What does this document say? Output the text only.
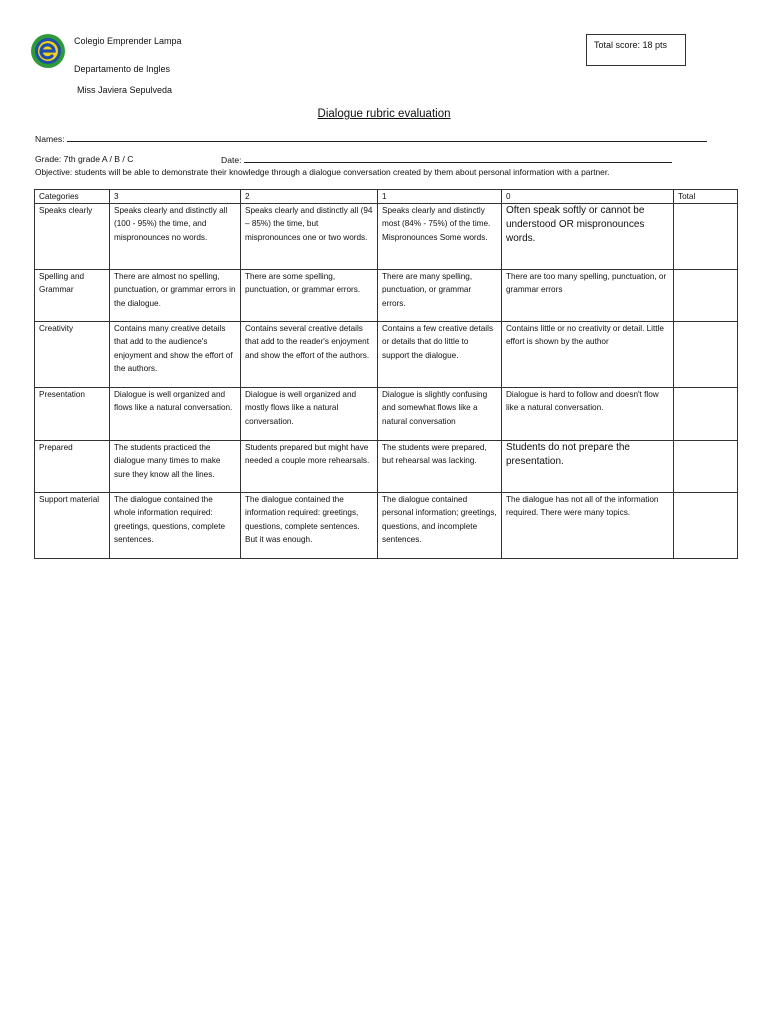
Colegio Emprender Lampa
Departamento de Ingles
Miss Javiera Sepulveda
Total score: 18 pts
Dialogue rubric evaluation
Names:
Grade: 7th grade A / B / C	Date:
Objective: students will be able to demonstrate their knowledge through a dialogue conversation created by them about personal information with a partner.
Categories	3	2	1	0	Total
Speaks clearly	Speaks clearly and distinctly all (100 - 95%) the time, and mispronounces no words.	Speaks clearly and distinctly all (94 – 85%) the time, but mispronounces one or two words.	Speaks clearly and distinctly most (84% - 75%) of the time. Mispronounces Some words.	Often speak softly or cannot be understood OR mispronounces words.	
Spelling and Grammar	There are almost no spelling, punctuation, or grammar errors in the dialogue.	There are some spelling, punctuation, or grammar errors.	There are many spelling, punctuation, or grammar errors.	There are too many spelling, punctuation, or grammar errors	
Creativity	Contains many creative details that add to the audience's enjoyment and show the effort of the authors.	Contains several creative details that add to the reader's enjoyment and show the effort of the authors.	Contains a few creative details or details that do little to support the dialogue.	Contains little or no creativity or detail. Little effort is shown by the author	
Presentation	Dialogue is well organized and flows like a natural conversation.	Dialogue is well organized and mostly flows like a natural conversation.	Dialogue is slightly confusing and somewhat flows like a natural conversation	Dialogue is hard to follow and doesn't flow like a natural conversation.	
Prepared	The students practiced the dialogue many times to make sure they know all the lines.	Students prepared but might have needed a couple more rehearsals.	The students were prepared, but rehearsal was lacking.	Students do not prepare the presentation.	
Support material	The dialogue contained the whole information required: greetings, questions, complete sentences.	The dialogue contained the information required: greetings, questions, complete sentences. But it was enough.	The dialogue contained personal information; greetings, questions, and incomplete sentences.	The dialogue has not all of the information required. There were many topics.	
